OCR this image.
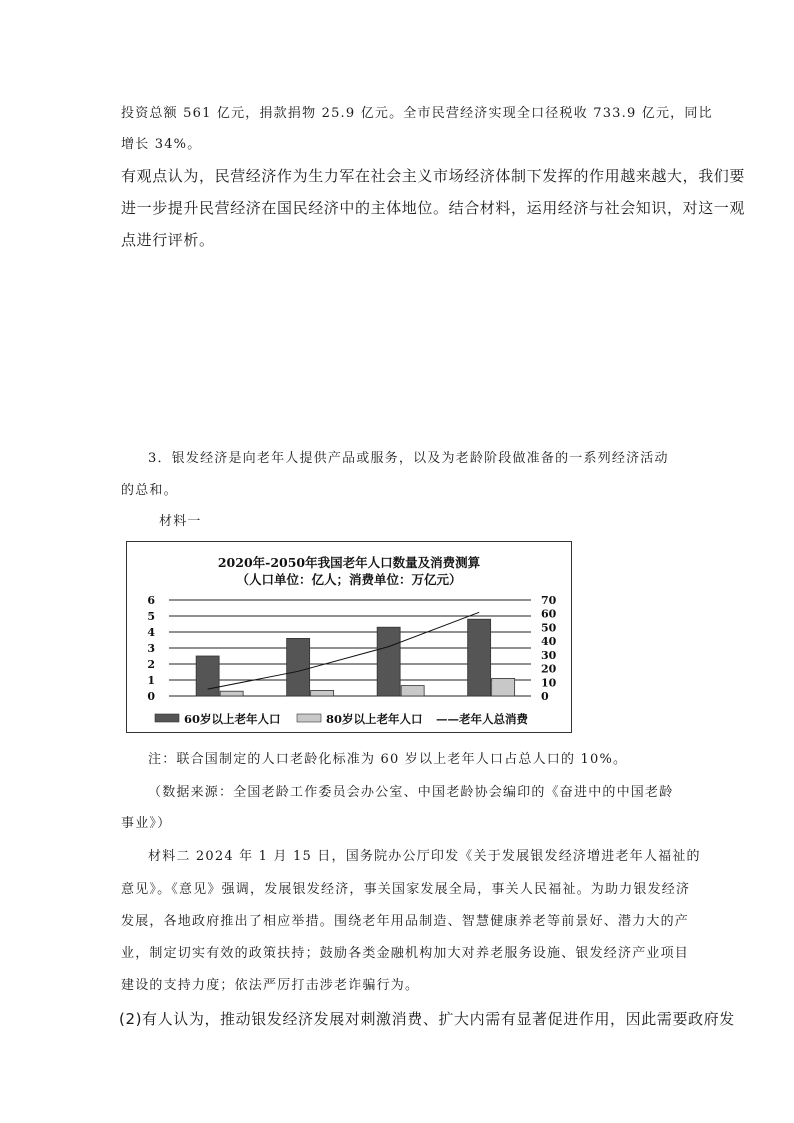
投资总额 561 亿元，捐款捐物 25.9 亿元。全市民营经济实现全口径税收 733.9 亿元，同比
增长 34%。
有观点认为，民营经济作为生力军在社会主义市场经济体制下发挥的作用越来越大，我们要
进一步提升民营经济在国民经济中的主体地位。结合材料，运用经济与社会知识，对这一观
点进行评析。
3．银发经济是向老年人提供产品或服务，以及为老龄阶段做准备的一系列经济活动
的总和。
材料一
2020年-2050年我国老年人口数量及消费测算
（人口单位：亿人；消费单位：万亿元）
0
1
2
3
4
5
6
0
10
20
30
40
50
60
70
60岁以上老年人口	80岁以上老年人口 ——老年人总消费
注：联合国制定的人口老龄化标准为 60 岁以上老年人口占总人口的 10%。
（数据来源：全国老龄工作委员会办公室、中国老龄协会编印的《奋进中的中国老龄
事业》）
材料二 2024 年 1 月 15 日，国务院办公厅印发《关于发展银发经济增进老年人福祉的
意见》。《意见》强调，发展银发经济，事关国家发展全局，事关人民福祉。为助力银发经济
发展，各地政府推出了相应举措。围绕老年用品制造、智慧健康养老等前景好、潜力大的产
业，制定切实有效的政策扶持；鼓励各类金融机构加大对养老服务设施、银发经济产业项目
建设的支持力度；依法严厉打击涉老诈骗行为。
(2)有人认为，推动银发经济发展对刺激消费、扩大内需有显著促进作用，因此需要政府发
